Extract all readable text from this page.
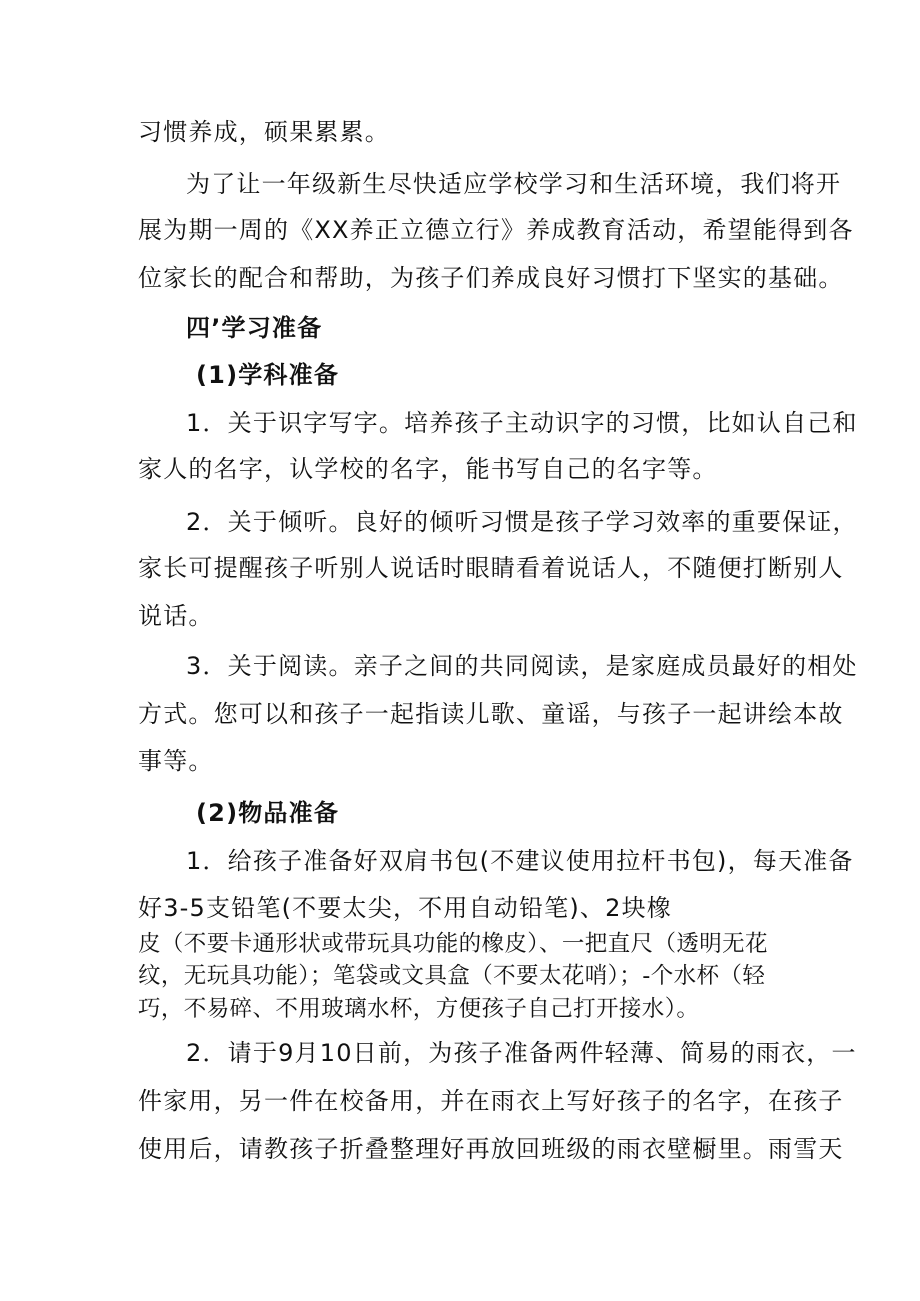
习惯养成，硕果累累。
为了让一年级新生尽快适应学校学习和生活环境，我们将开
展为期一周的《XX养正立德立行》养成教育活动，希望能得到各
位家长的配合和帮助，为孩子们养成良好习惯打下坚实的基础。
四’学习准备
(1)学科准备
1．关于识字写字。培养孩子主动识字的习惯，比如认自己和
家人的名字，认学校的名字，能书写自己的名字等。
2．关于倾听。良好的倾听习惯是孩子学习效率的重要保证，
家长可提醒孩子听别人说话时眼睛看着说话人，不随便打断别人
说话。
3．关于阅读。亲子之间的共同阅读，是家庭成员最好的相处
方式。您可以和孩子一起指读儿歌、童谣，与孩子一起讲绘本故
事等。
(2)物品准备
1．给孩子准备好双肩书包(不建议使用拉杆书包)，每天准备
好3-5支铅笔(不要太尖，不用自动铅笔)、2块橡
皮（不要卡通形状或带玩具功能的橡皮）、一把直尺（透明无花
纹，无玩具功能）；笔袋或文具盒（不要太花哨）；-个水杯（轻
巧，不易碎、不用玻璃水杯，方便孩子自己打开接水）。
2．请于9月10日前，为孩子准备两件轻薄、简易的雨衣，一
件家用，另一件在校备用，并在雨衣上写好孩子的名字，在孩子
使用后，请教孩子折叠整理好再放回班级的雨衣壁橱里。雨雪天
